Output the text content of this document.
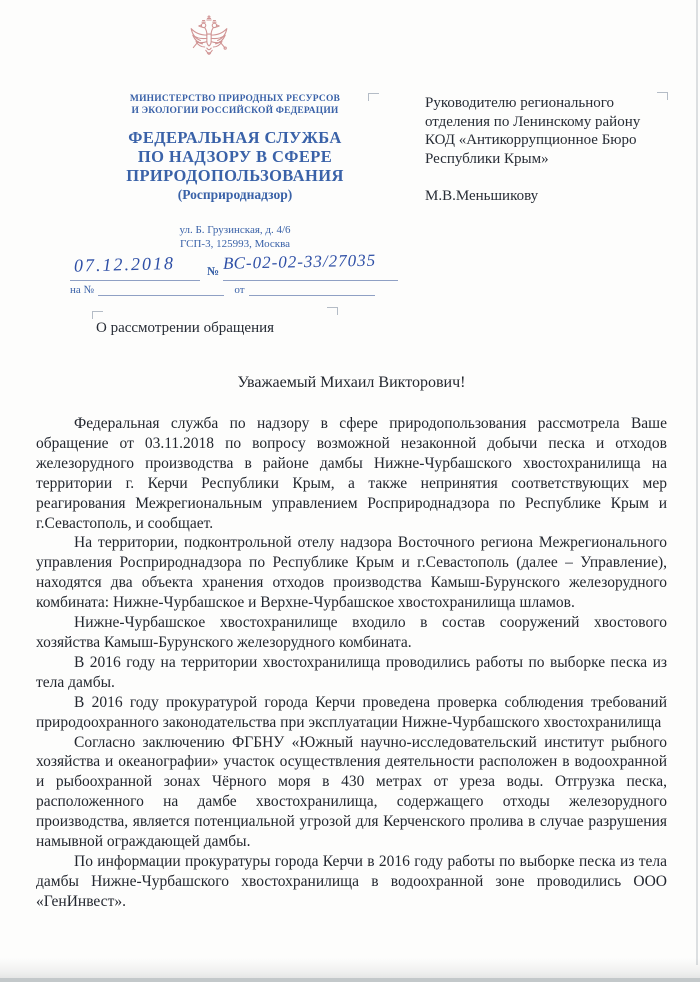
МИНИСТЕРСТВО ПРИРОДНЫХ РЕСУРСОВ
И ЭКОЛОГИИ РОССИЙСКОЙ ФЕДЕРАЦИИ
ФЕДЕРАЛЬНАЯ СЛУЖБА
ПО НАДЗОРУ В СФЕРЕ
ПРИРОДОПОЛЬЗОВАНИЯ
(Росприроднадзор)
ул. Б. Грузинская, д. 4/6
ГСП-3, 125993, Москва
07.12.2018	№ ВС-02-02-33/27035
на №	от
Руководителю регионального
отделения по Ленинскому району
КОД «Антикоррупционное Бюро
Республики Крым»
М.В.Меньшикову
О рассмотрении обращения
Уважаемый Михаил Викторович!

Федеральная служба по надзору в сфере природопользования рассмотрела Ваше обращение от 03.11.2018 по вопросу возможной незаконной добычи песка и отходов железорудного производства в районе дамбы Нижне-Чурбашского хвостохранилища на территории г. Керчи Республики Крым, а также непринятия соответствующих мер реагирования Межрегиональным управлением Росприроднадзора по Республике Крым и г.Севастополь, и сообщает.

На территории, подконтрольной отелу надзора Восточного региона Межрегионального управления Росприроднадзора по Республике Крым и г.Севастополь (далее – Управление), находятся два объекта хранения отходов производства Камыш-Бурунского железорудного комбината: Нижне-Чурбашское и Верхне-Чурбашское хвостохранилища шламов.

Нижне-Чурбашское хвостохранилище входило в состав сооружений хвостового хозяйства Камыш-Бурунского железорудного комбината.

В 2016 году на территории хвостохранилища проводились работы по выборке песка из тела дамбы.

В 2016 году прокуратурой города Керчи проведена проверка соблюдения требований природоохранного законодательства при эксплуатации Нижне-Чурбашского хвостохранилища

Согласно заключению ФГБНУ «Южный научно-исследовательский институт рыбного хозяйства и океанографии» участок осуществления деятельности расположен в водоохранной и рыбоохранной зонах Чёрного моря в 430 метрах от уреза воды. Отгрузка песка, расположенного на дамбе хвостохранилища, содержащего отходы железорудного производства, является потенциальной угрозой для Керченского пролива в случае разрушения намывной ограждающей дамбы.

По информации прокуратуры города Керчи в 2016 году работы по выборке песка из тела дамбы Нижне-Чурбашского хвостохранилища в водоохранной зоне проводились ООО «ГенИнвест».
